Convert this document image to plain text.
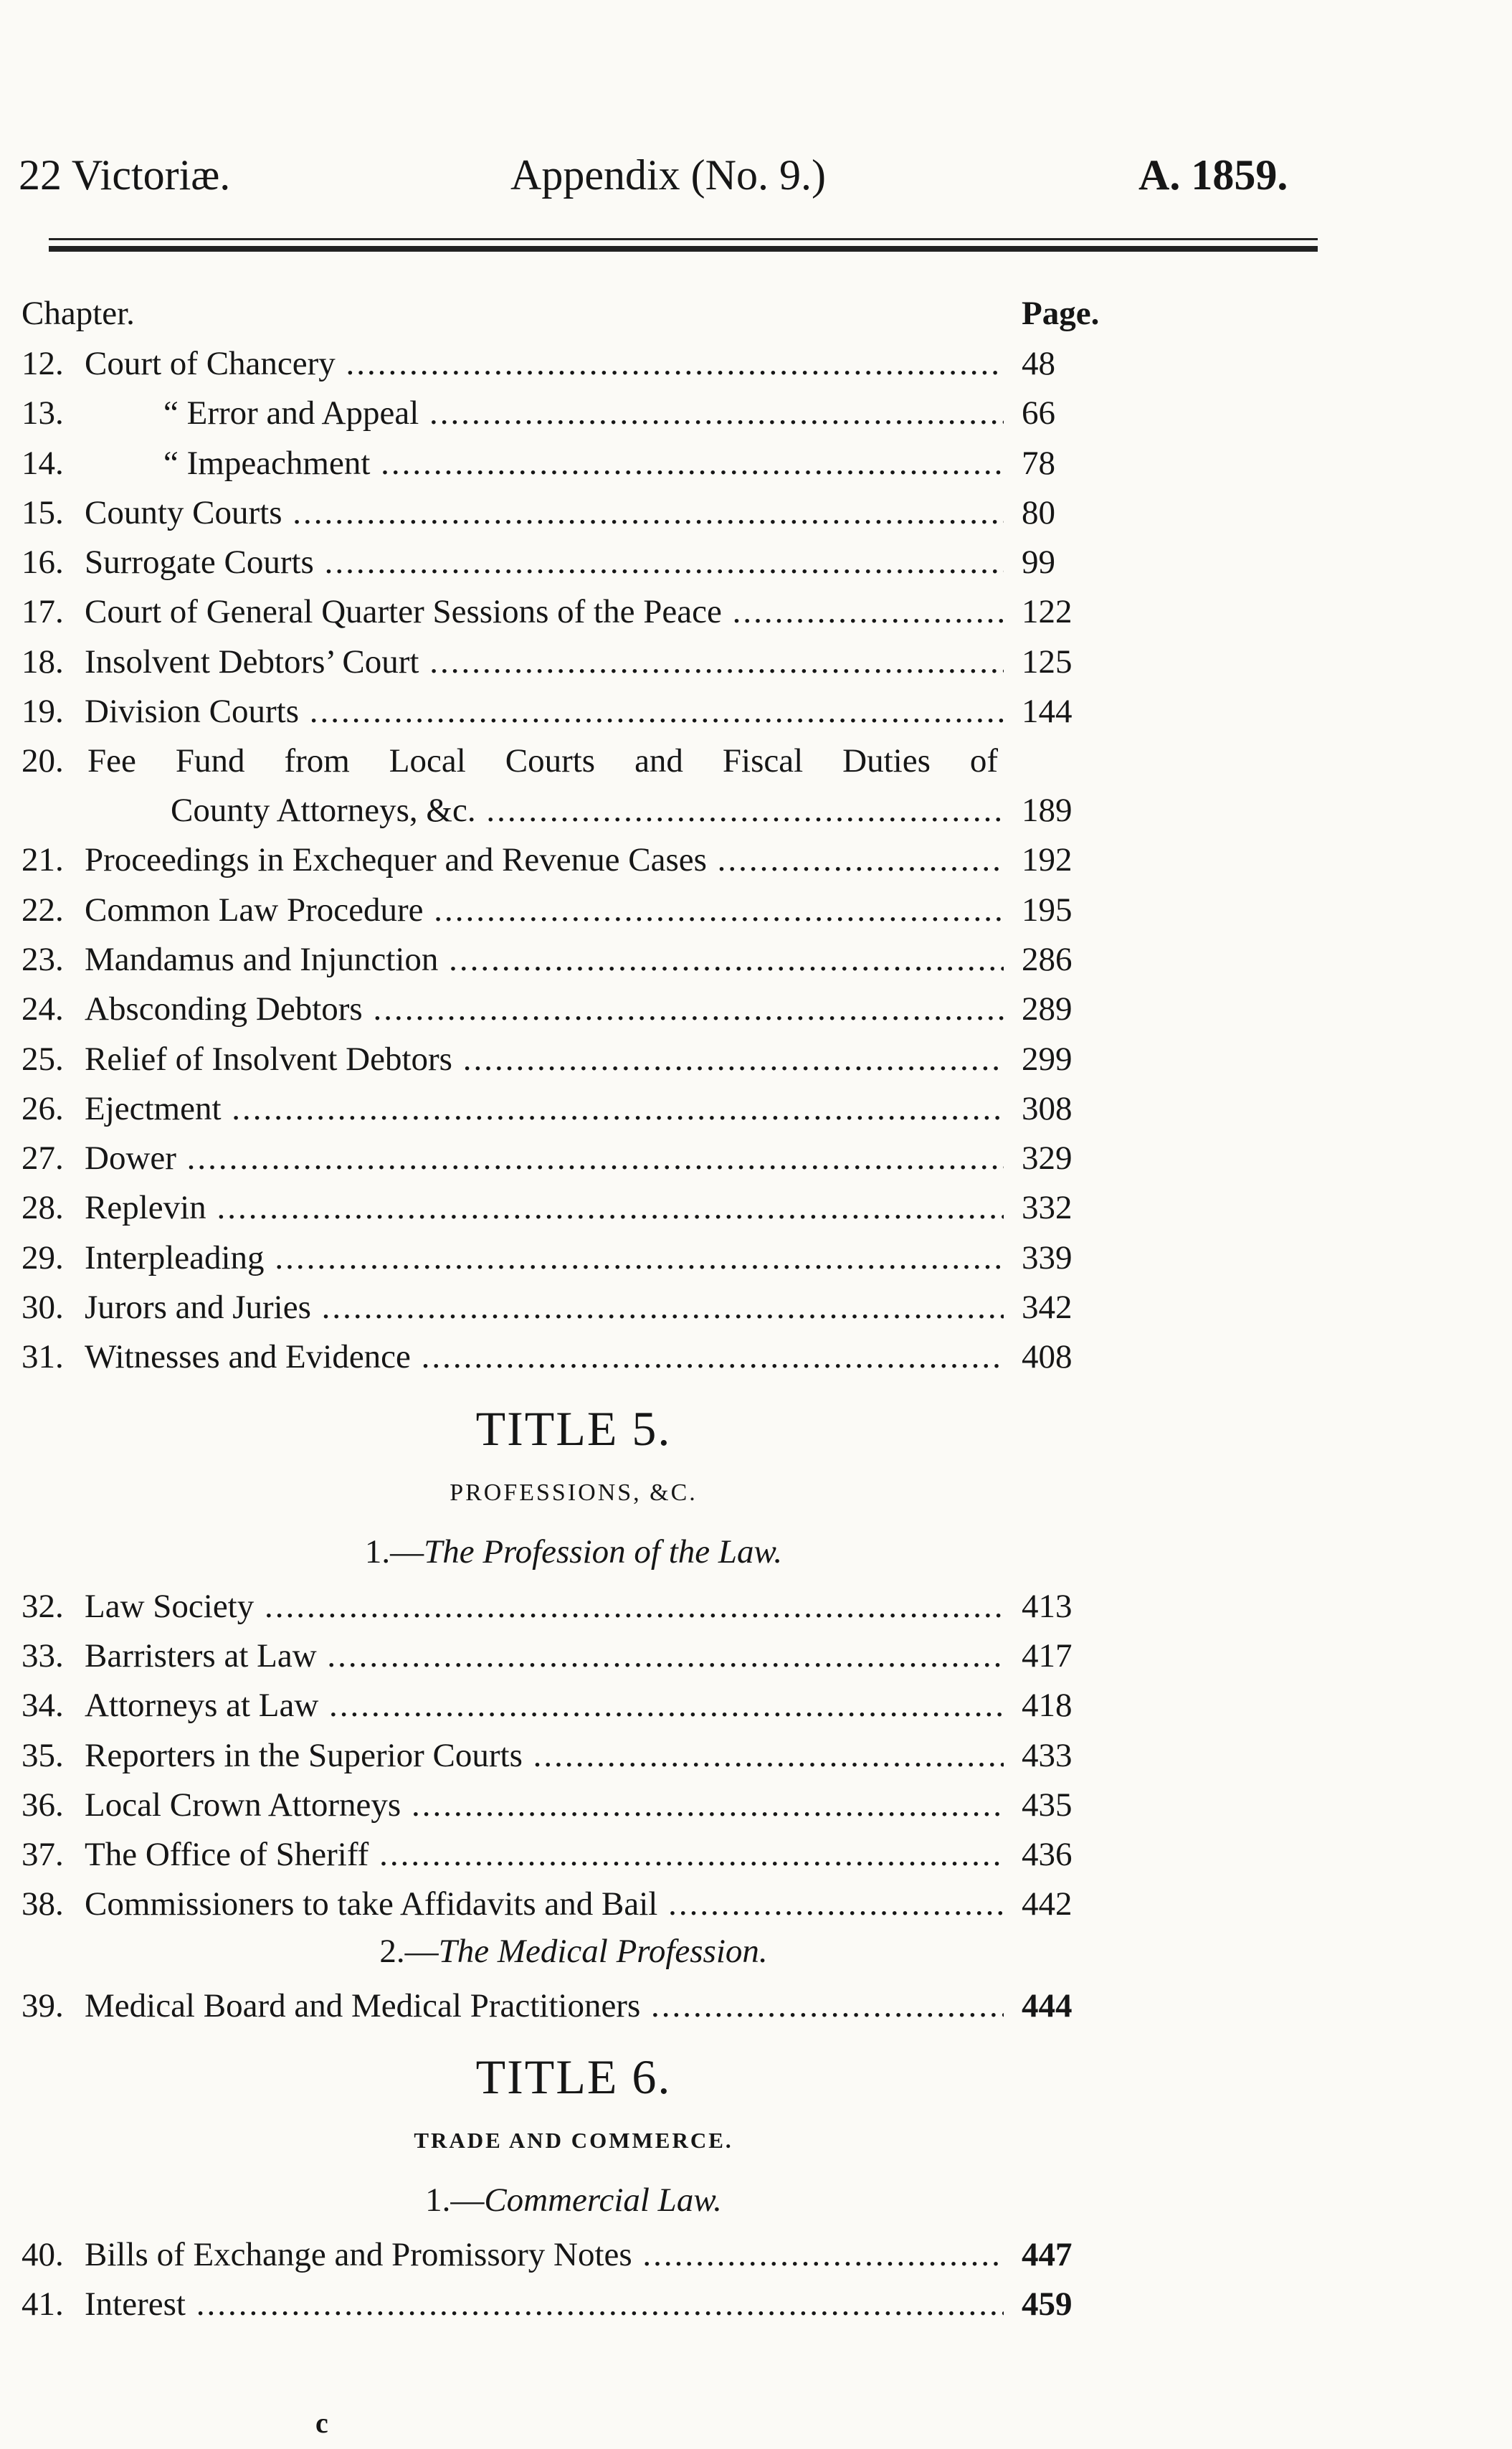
22 Victoriæ.	Appendix (No. 9.)	A. 1859.
Chapter.	Page.
12. Court of Chancery .....	48
13.	“ Error and Appeal .....	66
14.	“ Impeachment .....	78
15. County Courts .....	80
16. Surrogate Courts .....	99
17. Court of General Quarter Sessions of the Peace .....	122
18. Insolvent Debtors’ Court .....	125
19. Division Courts .....	144
20. Fee Fund from Local Courts and Fiscal Duties of
County Attorneys, &c. .....	189
21. Proceedings in Exchequer and Revenue Cases .....	192
22. Common Law Procedure .....	195
23. Mandamus and Injunction .....	286
24. Absconding Debtors .....	289
25. Relief of Insolvent Debtors .....	299
26. Ejectment .....	308
27. Dower .....	329
28. Replevin .....	332
29. Interpleading .....	339
30. Jurors and Juries .....	342
31. Witnesses and Evidence .....	408
TITLE 5.
PROFESSIONS, &C.
1.—The Profession of the Law.
32. Law Society .....	413
33. Barristers at Law .....	417
34. Attorneys at Law .....	418
35. Reporters in the Superior Courts .....	433
36. Local Crown Attorneys .....	435
37. The Office of Sheriff .....	436
38. Commissioners to take Affidavits and Bail .....	442
2.—The Medical Profession.
39. Medical Board and Medical Practitioners .....	444
TITLE 6.
TRADE AND COMMERCE.
1.—Commercial Law.
40. Bills of Exchange and Promissory Notes .....	447
41. Interest .....	459
c
